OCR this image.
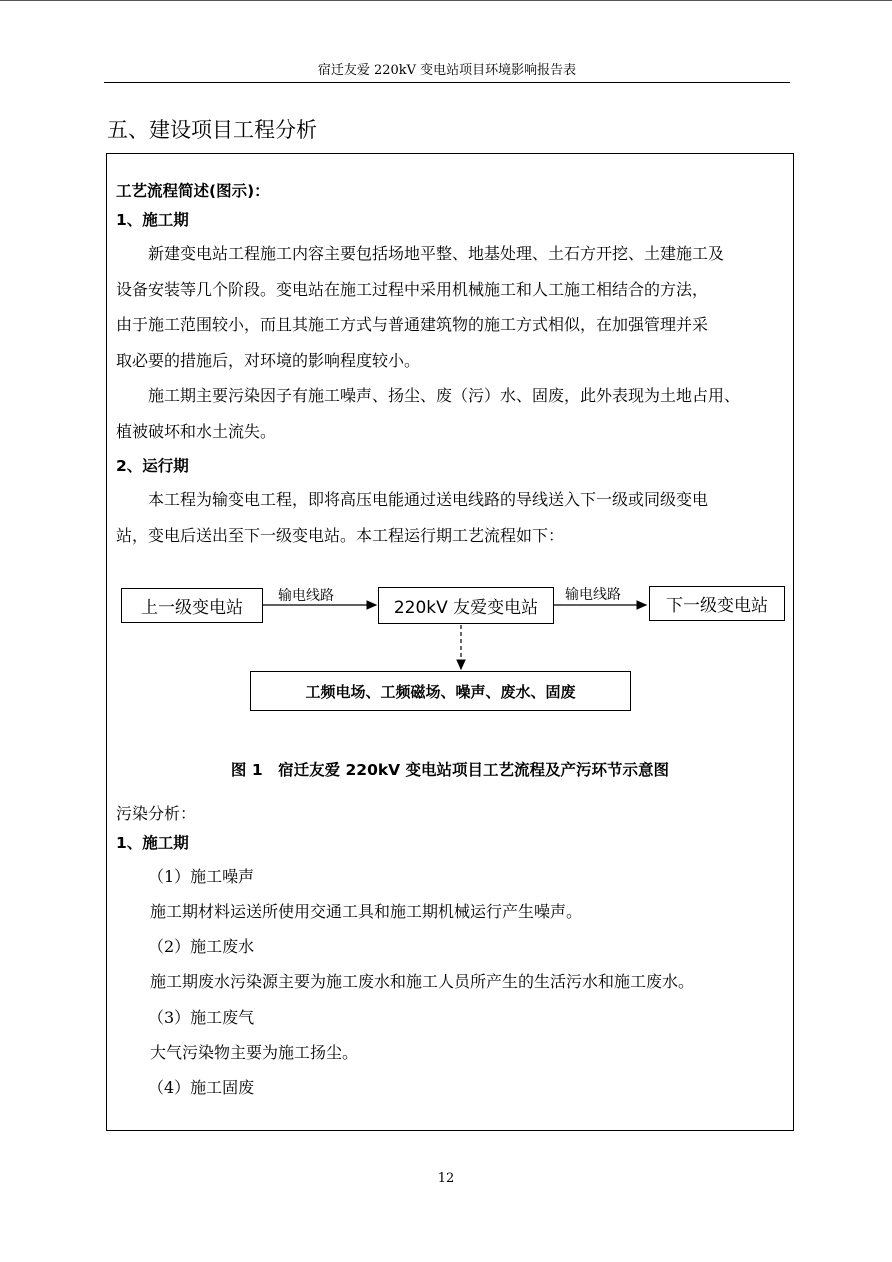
宿迁友爱 220kV 变电站项目环境影响报告表
五、建设项目工程分析
工艺流程简述(图示)：
1、施工期
新建变电站工程施工内容主要包括场地平整、地基处理、土石方开挖、土建施工及
设备安装等几个阶段。变电站在施工过程中采用机械施工和人工施工相结合的方法，
由于施工范围较小，而且其施工方式与普通建筑物的施工方式相似，在加强管理并采
取必要的措施后，对环境的影响程度较小。
施工期主要污染因子有施工噪声、扬尘、废（污）水、固废，此外表现为土地占用、
植被破坏和水土流失。
2、运行期
本工程为输变电工程，即将高压电能通过送电线路的导线送入下一级或同级变电
站，变电后送出至下一级变电站。本工程运行期工艺流程如下：
上一级变电站	220kV 友爱变电站	下一级变电站
输电线路	输电线路
工频电场、工频磁场、噪声、废水、固废
图 1　宿迁友爱 220kV 变电站项目工艺流程及产污环节示意图
污染分析：
1、施工期
（1）施工噪声
施工期材料运送所使用交通工具和施工期机械运行产生噪声。
（2）施工废水
施工期废水污染源主要为施工废水和施工人员所产生的生活污水和施工废水。
（3）施工废气
大气污染物主要为施工扬尘。
（4）施工固废
12
